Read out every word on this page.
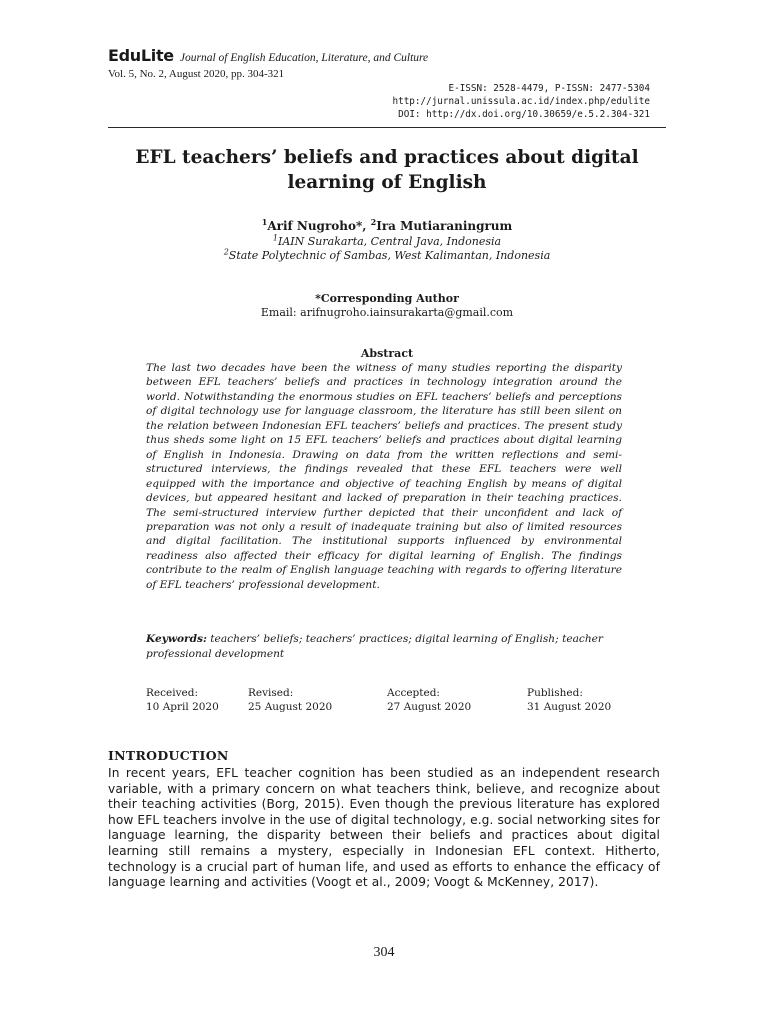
EduLite Journal of English Education, Literature, and Culture
Vol. 5, No. 2, August 2020, pp. 304-321
E-ISSN: 2528-4479, P-ISSN: 2477-5304
http://jurnal.unissula.ac.id/index.php/edulite
DOI: http://dx.doi.org/10.30659/e.5.2.304-321
EFL teachers’ beliefs and practices about digital
learning of English
$^1$Arif Nugroho*, $^2$Ira Mutiaraningrum
$^1$IAIN Surakarta, Central Java, Indonesia
$^2$State Polytechnic of Sambas, West Kalimantan, Indonesia
*Corresponding Author
Email: arifnugroho.iainsurakarta@gmail.com
Abstract
The last two decades have been the witness of many studies reporting the disparity between EFL teachers’ beliefs and practices in technology integration around the world. Notwithstanding the enormous studies on EFL teachers’ beliefs and perceptions of digital technology use for language classroom, the literature has still been silent on the relation between Indonesian EFL teachers’ beliefs and practices. The present study thus sheds some light on 15 EFL teachers’ beliefs and practices about digital learning of English in Indonesia. Drawing on data from the written reflections and semi-structured interviews, the findings revealed that these EFL teachers were well equipped with the importance and objective of teaching English by means of digital devices, but appeared hesitant and lacked of preparation in their teaching practices. The semi-structured interview further depicted that their unconfident and lack of preparation was not only a result of inadequate training but also of limited resources and digital facilitation. The institutional supports influenced by environmental readiness also affected their efficacy for digital learning of English. The findings contribute to the realm of English language teaching with regards to offering literature of EFL teachers’ professional development.
Keywords: teachers’ beliefs; teachers’ practices; digital learning of English; teacher professional development
Received:
10 April 2020
Revised:
25 August 2020
Accepted:
27 August 2020
Published:
31 August 2020
INTRODUCTION
In recent years, EFL teacher cognition has been studied as an independent research variable, with a primary concern on what teachers think, believe, and recognize about their teaching activities (Borg, 2015). Even though the previous literature has explored how EFL teachers involve in the use of digital technology, e.g. social networking sites for language learning, the disparity between their beliefs and practices about digital learning still remains a mystery, especially in Indonesian EFL context. Hitherto, technology is a crucial part of human life, and used as efforts to enhance the efficacy of language learning and activities (Voogt et al., 2009; Voogt & McKenney, 2017).
304
